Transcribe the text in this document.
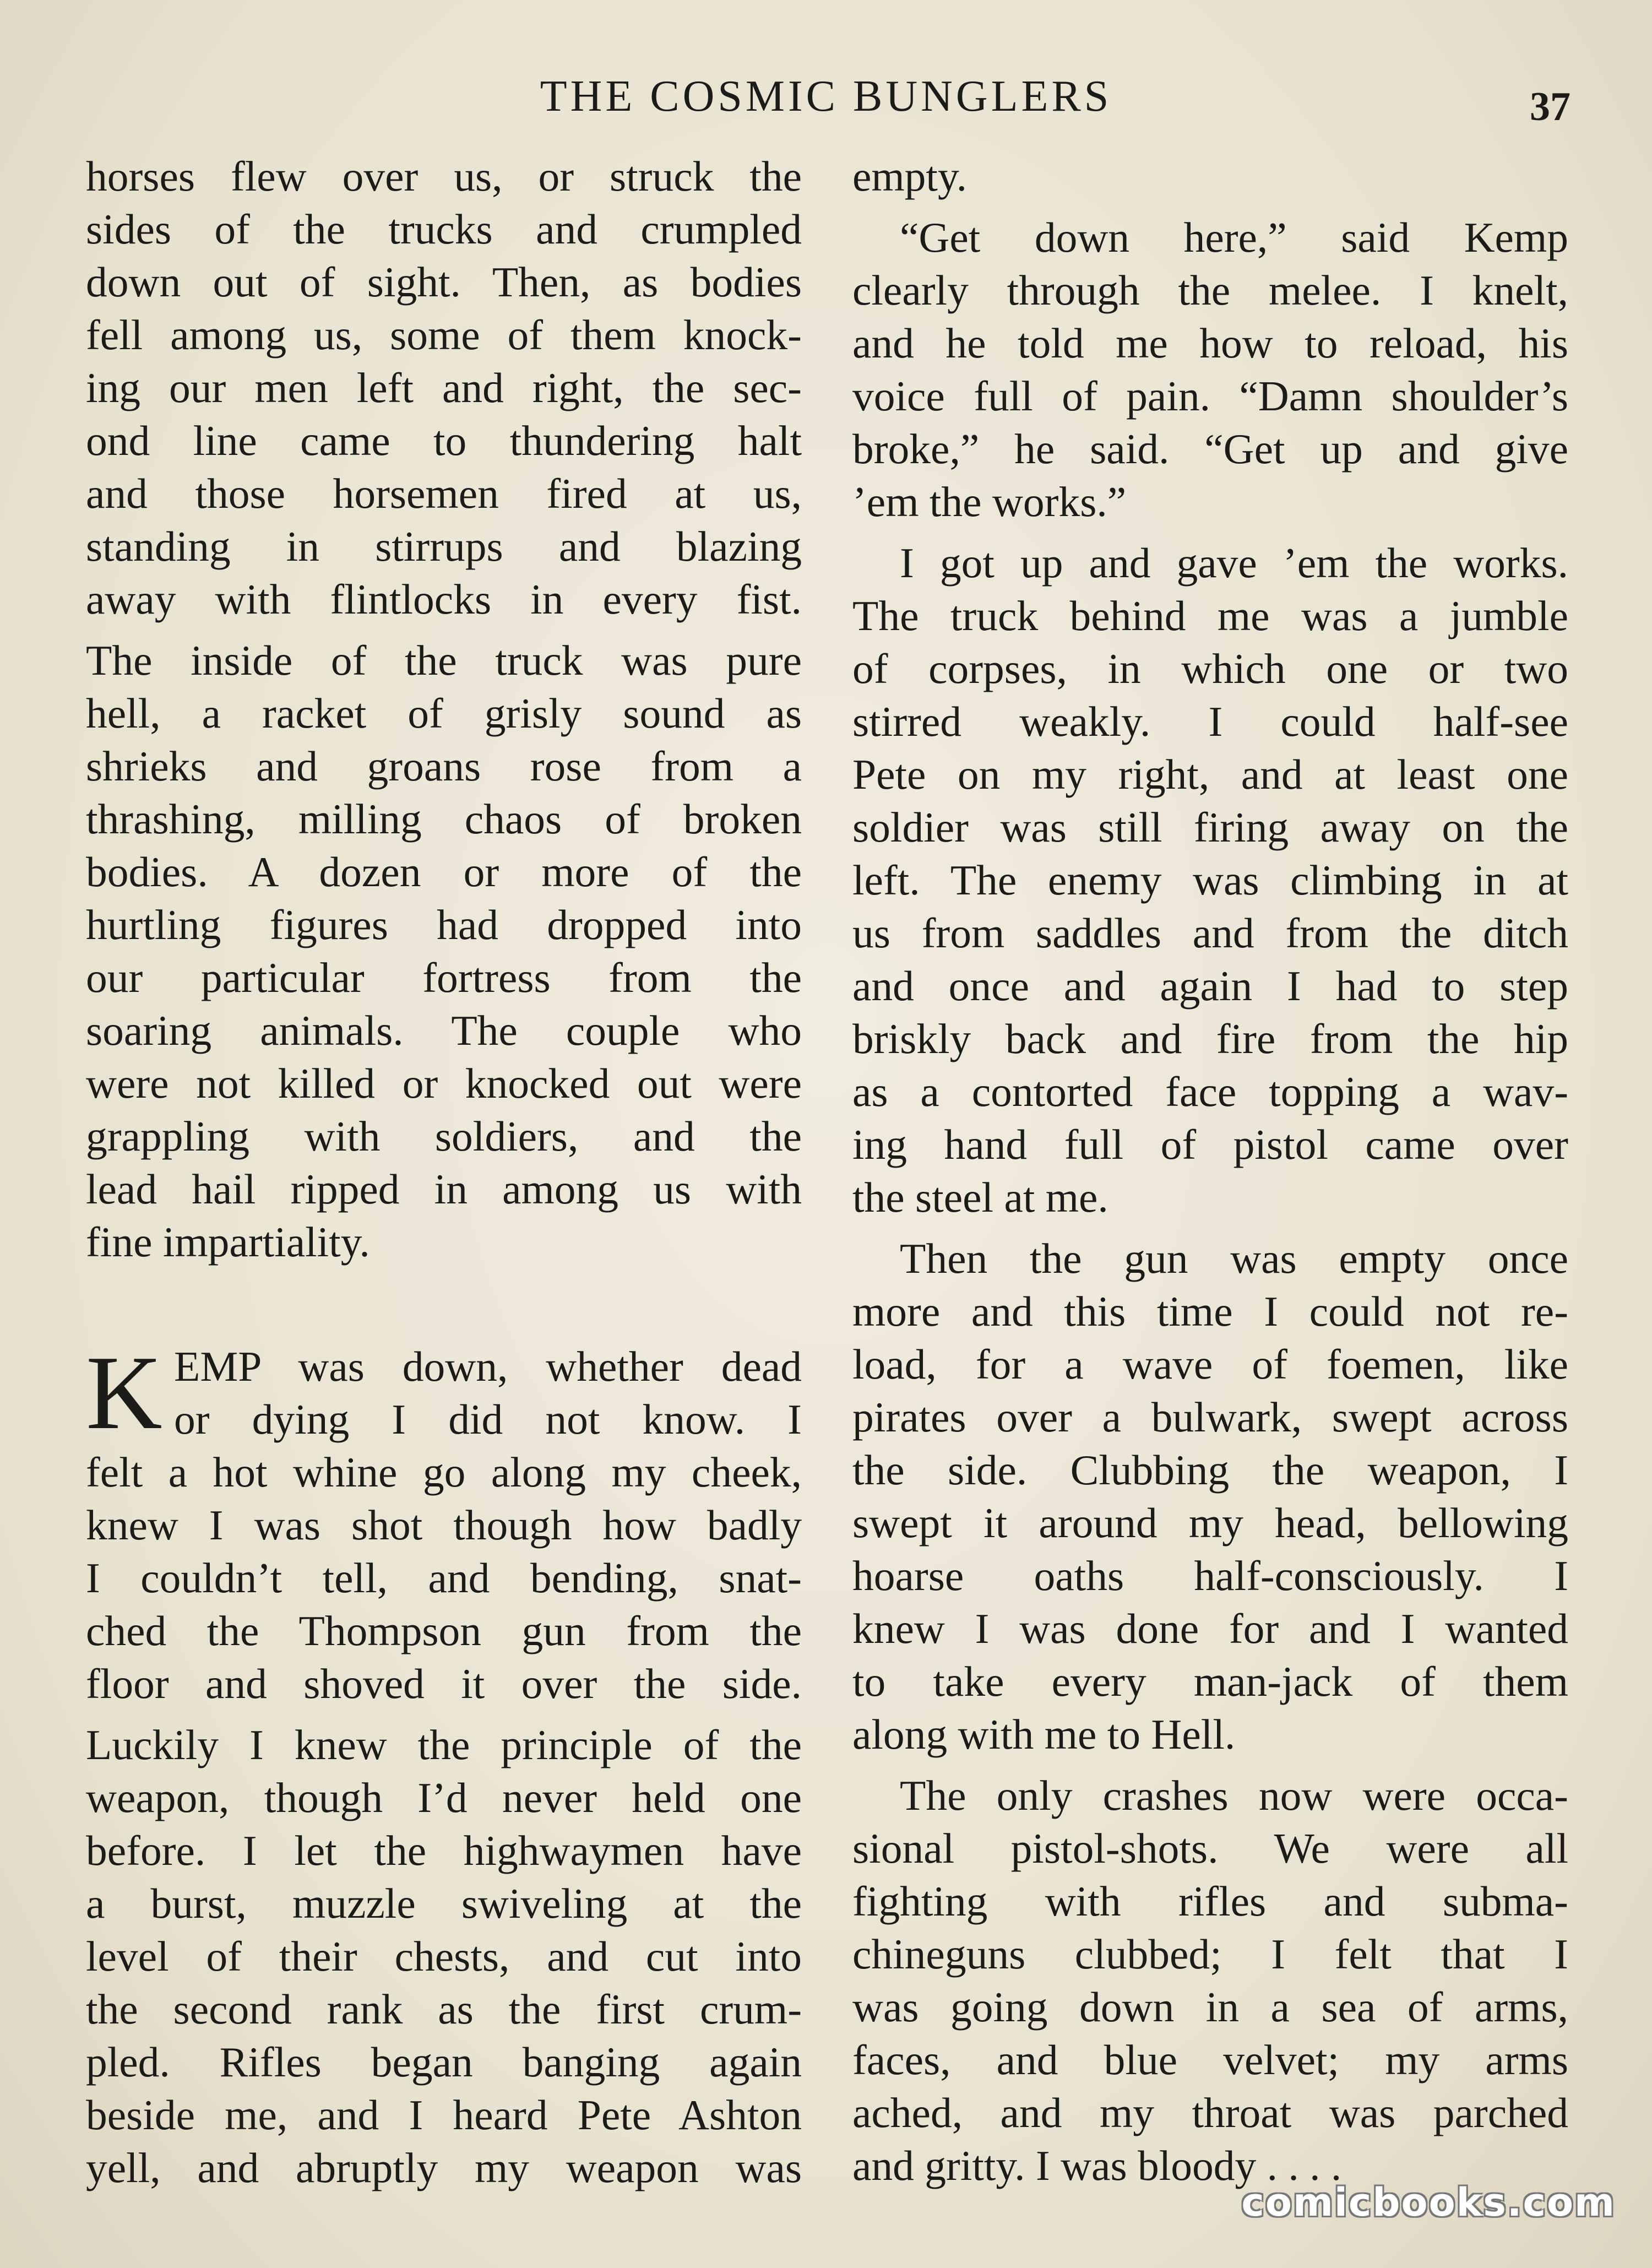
THE COSMIC BUNGLERS	37
horses flew over us, or struck the
sides of the trucks and crumpled
down out of sight. Then, as bodies
fell among us, some of them knock-
ing our men left and right, the sec-
ond line came to thundering halt
and those horsemen fired at us,
standing in stirrups and blazing
away with flintlocks in every fist.
The inside of the truck was pure
hell, a racket of grisly sound as
shrieks and groans rose from a
thrashing, milling chaos of broken
bodies. A dozen or more of the
hurtling figures had dropped into
our particular fortress from the
soaring animals. The couple who
were not killed or knocked out were
grappling with soldiers, and the
lead hail ripped in among us with
fine impartiality.
K EMP was down, whether dead
or dying I did not know. I
felt a hot whine go along my cheek,
knew I was shot though how badly
I couldn’t tell, and bending, snat-
ched the Thompson gun from the
floor and shoved it over the side.
Luckily I knew the principle of the
weapon, though I’d never held one
before. I let the highwaymen have
a burst, muzzle swiveling at the
level of their chests, and cut into
the second rank as the first crum-
pled. Rifles began banging again
beside me, and I heard Pete Ashton
yell, and abruptly my weapon was
empty.
“Get down here,” said Kemp
clearly through the melee. I knelt,
and he told me how to reload, his
voice full of pain. “Damn shoulder’s
broke,” he said. “Get up and give
’em the works.”
I got up and gave ’em the works.
The truck behind me was a jumble
of corpses, in which one or two
stirred weakly. I could half-see
Pete on my right, and at least one
soldier was still firing away on the
left. The enemy was climbing in at
us from saddles and from the ditch
and once and again I had to step
briskly back and fire from the hip
as a contorted face topping a wav-
ing hand full of pistol came over
the steel at me.
Then the gun was empty once
more and this time I could not re-
load, for a wave of foemen, like
pirates over a bulwark, swept across
the side. Clubbing the weapon, I
swept it around my head, bellowing
hoarse oaths half-consciously. I
knew I was done for and I wanted
to take every man-jack of them
along with me to Hell.
The only crashes now were occa-
sional pistol-shots. We were all
fighting with rifles and subma-
chineguns clubbed; I felt that I
was going down in a sea of arms,
faces, and blue velvet; my arms
ached, and my throat was parched
and gritty. I was bloody . . . .
comicbooks.com
